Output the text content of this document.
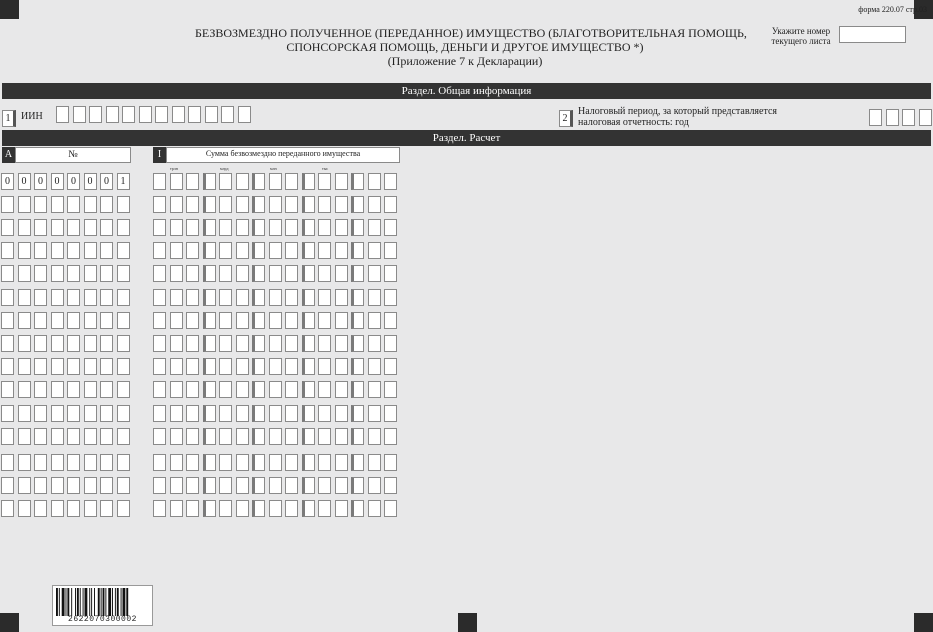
форма 220.07 стр.03
БЕЗВОЗМЕЗДНО ПОЛУЧЕННОЕ (ПЕРЕДАННОЕ) ИМУЩЕСТВО (БЛАГОТВОРИТЕЛЬНАЯ ПОМОЩЬ,
СПОНСОРСКАЯ ПОМОЩЬ, ДЕНЬГИ И ДРУГОЕ ИМУЩЕСТВО *)
(Приложение 7 к Декларации)
Укажите номер
текущего листа
Раздел. Общая информация
1	ИИН	2
Налоговый период, за который представляется
налоговая отчетность: год
Раздел. Расчет
A	№	I	Сумма безвозмездно переданного имущества
трлн	млрд	млн	тыс
2622070300002
0	0	0	0	0	0	0	1
